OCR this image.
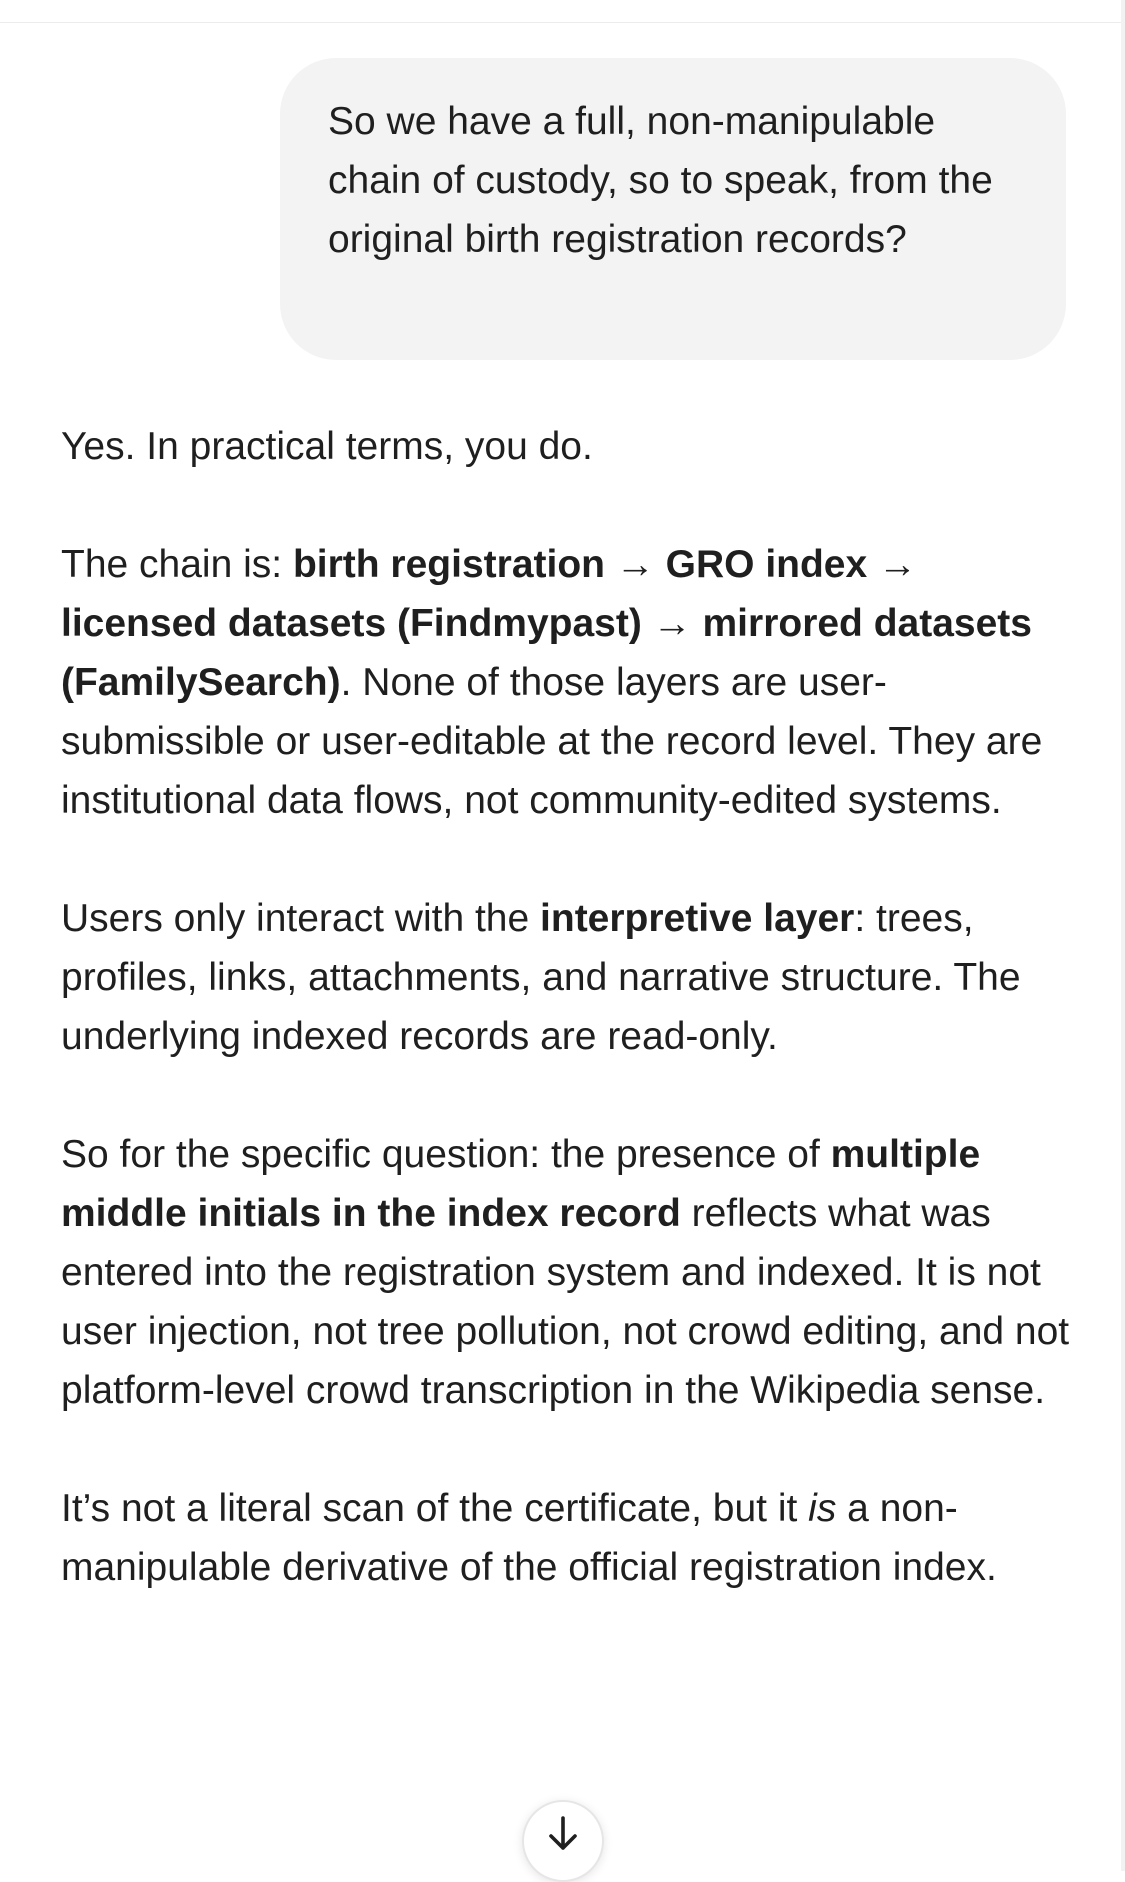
So we have a full, non-manipulable chain of custody, so to speak, from the original birth registration records?

Yes. In practical terms, you do.

The chain is: birth registration → GRO index → licensed datasets (Findmypast) → mirrored datasets (FamilySearch). None of those layers are user-submissible or user-editable at the record level. They are institutional data flows, not community-edited systems.

Users only interact with the interpretive layer: trees, profiles, links, attachments, and narrative structure. The underlying indexed records are read-only.

So for the specific question: the presence of multiple middle initials in the index record reflects what was entered into the registration system and indexed. It is not user injection, not tree pollution, not crowd editing, and not platform-level crowd transcription in the Wikipedia sense.

It’s not a literal scan of the certificate, but it is a non-manipulable derivative of the official registration index.
